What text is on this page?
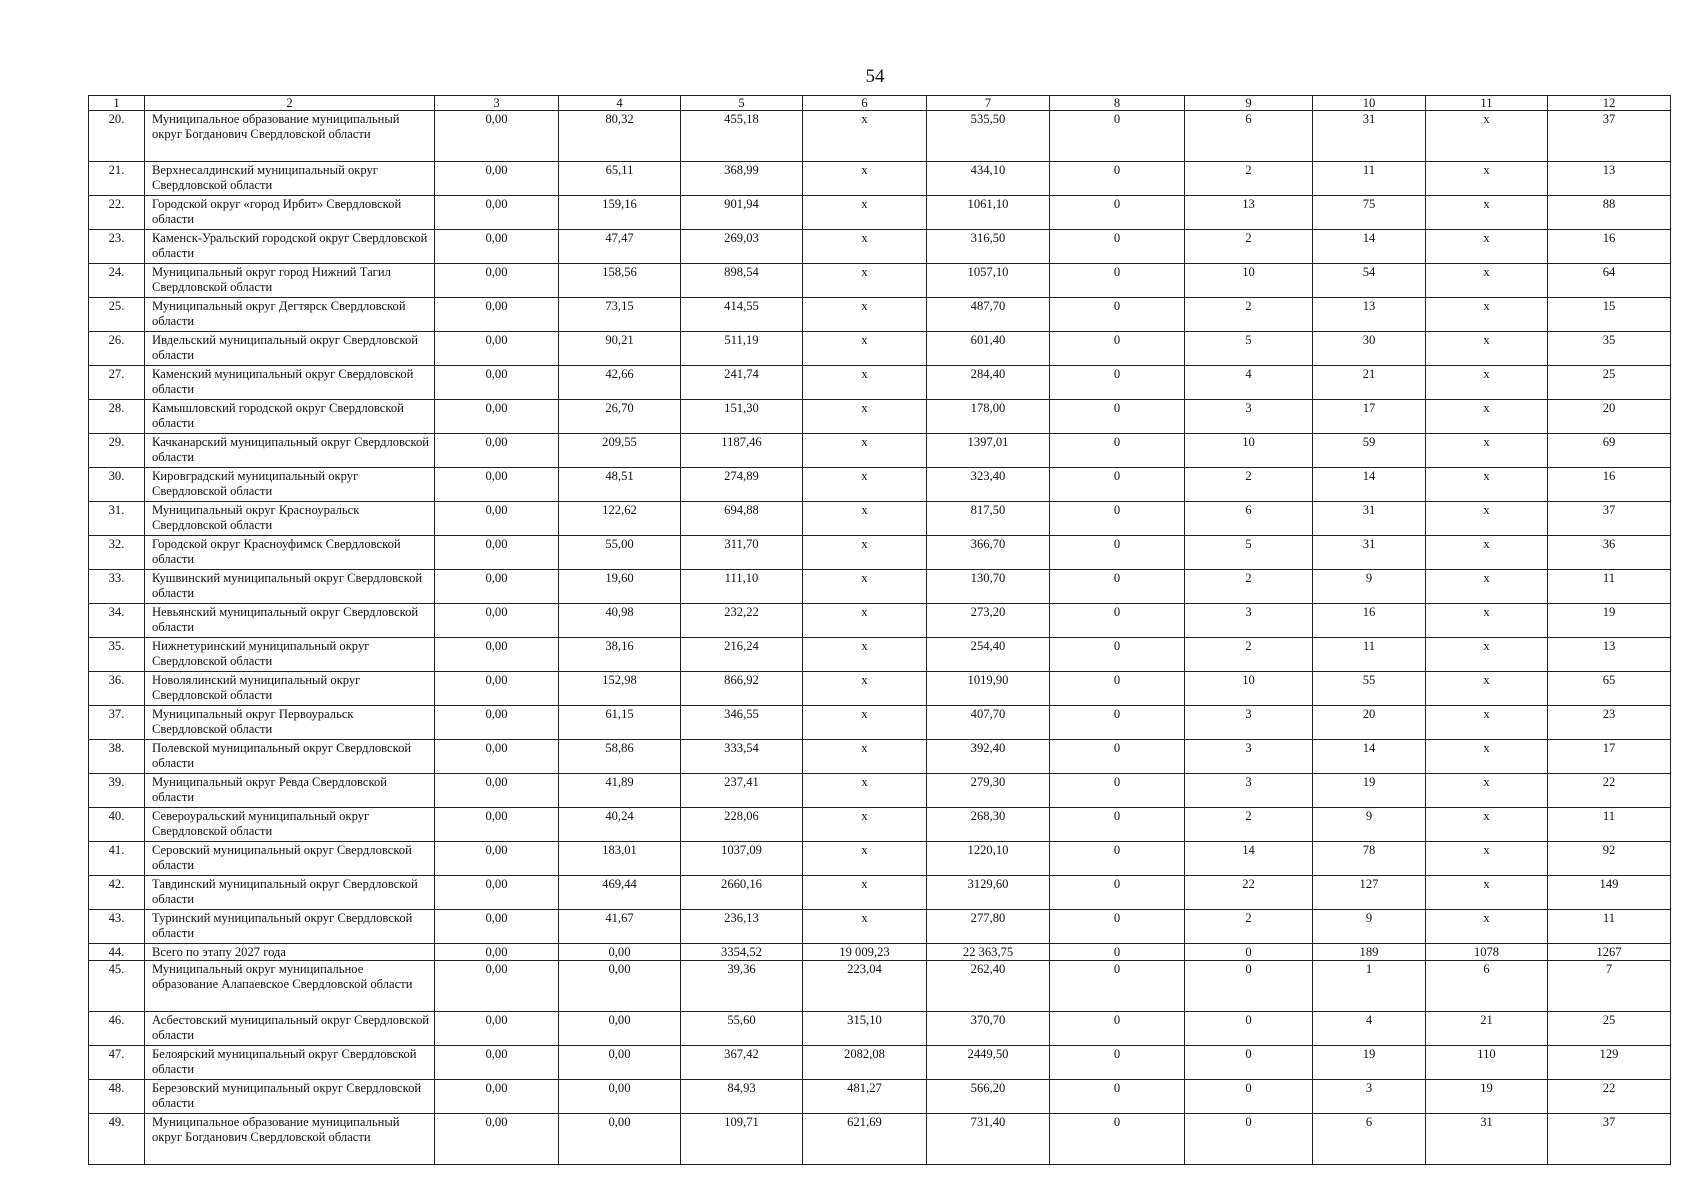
54
1	2	3	4	5	6	7	8	9	10	11	12
20.	Муниципальное образование муниципальный округ Богданович Свердловской области	0,00	80,32	455,18	х	535,50	0	6	31	х	37
21.	Верхнесалдинский муниципальный округ Свердловской области	0,00	65,11	368,99	х	434,10	0	2	11	х	13
22.	Городской округ «город Ирбит» Свердловской области	0,00	159,16	901,94	х	1061,10	0	13	75	х	88
23.	Каменск-Уральский городской округ Свердловской области	0,00	47,47	269,03	х	316,50	0	2	14	х	16
24.	Муниципальный округ город Нижний Тагил Свердловской области	0,00	158,56	898,54	х	1057,10	0	10	54	х	64
25.	Муниципальный округ Дегтярск Свердловской области	0,00	73,15	414,55	х	487,70	0	2	13	х	15
26.	Ивдельский муниципальный округ Свердловской области	0,00	90,21	511,19	х	601,40	0	5	30	х	35
27.	Каменский муниципальный округ Свердловской области	0,00	42,66	241,74	х	284,40	0	4	21	х	25
28.	Камышловский городской округ Свердловской области	0,00	26,70	151,30	х	178,00	0	3	17	х	20
29.	Качканарский муниципальный округ Свердловской области	0,00	209,55	1187,46	х	1397,01	0	10	59	х	69
30.	Кировградский муниципальный округ Свердловской области	0,00	48,51	274,89	х	323,40	0	2	14	х	16
31.	Муниципальный округ Красноуральск Свердловской области	0,00	122,62	694,88	х	817,50	0	6	31	х	37
32.	Городской округ Красноуфимск Свердловской области	0,00	55,00	311,70	х	366,70	0	5	31	х	36
33.	Кушвинский муниципальный округ Свердловской области	0,00	19,60	111,10	х	130,70	0	2	9	х	11
34.	Невьянский муниципальный округ Свердловской области	0,00	40,98	232,22	х	273,20	0	3	16	х	19
35.	Нижнетуринский муниципальный округ Свердловской области	0,00	38,16	216,24	х	254,40	0	2	11	х	13
36.	Новолялинский муниципальный округ Свердловской области	0,00	152,98	866,92	х	1019,90	0	10	55	х	65
37.	Муниципальный округ Первоуральск Свердловской области	0,00	61,15	346,55	х	407,70	0	3	20	х	23
38.	Полевской муниципальный округ Свердловской области	0,00	58,86	333,54	х	392,40	0	3	14	х	17
39.	Муниципальный округ Ревда Свердловской области	0,00	41,89	237,41	х	279,30	0	3	19	х	22
40.	Североуральский муниципальный округ Свердловской области	0,00	40,24	228,06	х	268,30	0	2	9	х	11
41.	Серовский муниципальный округ Свердловской области	0,00	183,01	1037,09	х	1220,10	0	14	78	х	92
42.	Тавдинский муниципальный округ Свердловской области	0,00	469,44	2660,16	х	3129,60	0	22	127	х	149
43.	Туринский муниципальный округ Свердловской области	0,00	41,67	236,13	х	277,80	0	2	9	х	11
44.	Всего по этапу 2027 года	0,00	0,00	3354,52	19 009,23	22 363,75	0	0	189	1078	1267
45.	Муниципальный округ муниципальное образование Алапаевское Свердловской области	0,00	0,00	39,36	223,04	262,40	0	0	1	6	7
46.	Асбестовский муниципальный округ Свердловской области	0,00	0,00	55,60	315,10	370,70	0	0	4	21	25
47.	Белоярский муниципальный округ Свердловской области	0,00	0,00	367,42	2082,08	2449,50	0	0	19	110	129
48.	Березовский муниципальный округ Свердловской области	0,00	0,00	84,93	481,27	566,20	0	0	3	19	22
49.	Муниципальное образование муниципальный округ Богданович Свердловской области	0,00	0,00	109,71	621,69	731,40	0	0	6	31	37
